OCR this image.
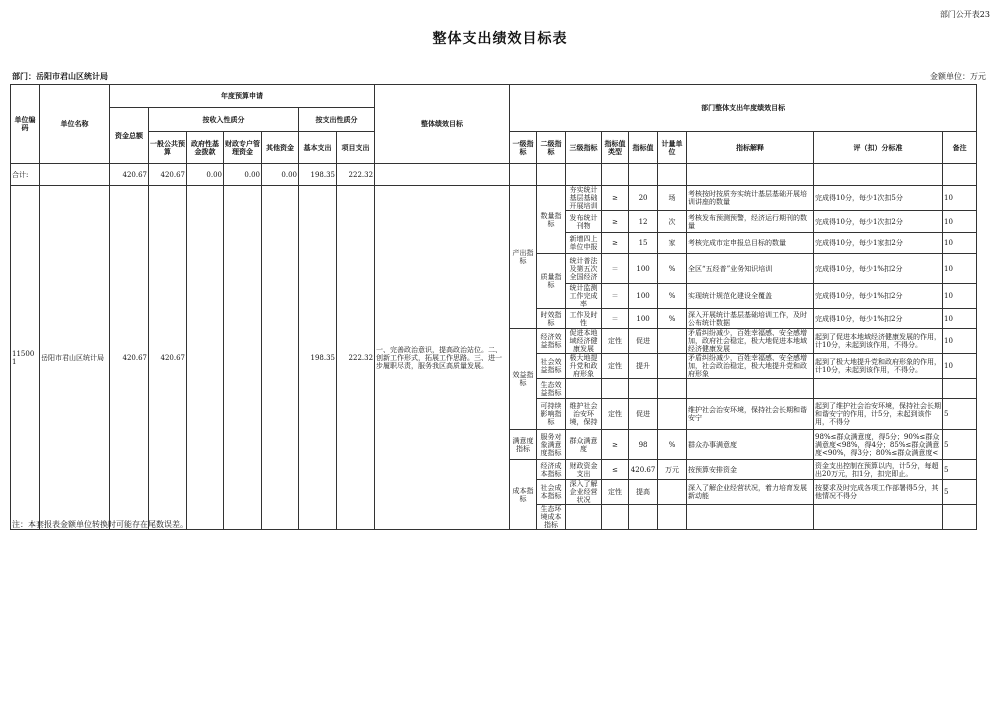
部门公开表23
整体支出绩效目标表
部门：岳阳市君山区统计局	金额单位：万元
单位编码	单位名称	年度预算申请							整体绩效目标	部门整体支出年度绩效目标								
		资金总额	按收入性质分				按支出性质分											
			一般公共预算	政府性基金拨款	财政专户管理资金	其他资金	基本支出	项目支出		一级指标	二级指标	三级指标	指标值类型	指标值	计量单位	指标解释	评（扣）分标准	备注
合计:		420.67	420.67	0.00	0.00	0.00	198.35	222.32										
115001	岳阳市君山区统计局	420.67	420.67				198.35	222.32	一、完善政治意识，提高政治站位。二、创新工作形式，拓展工作思路。三、进一步履职尽责，服务我区高质量发展。	产出指标	数量指标	夯实统计基层基础开展培训	≥	20	场	考核按时按质夯实统计基层基础开展培训讲座的数量	完成得10分，每少1次扣5分	10

												发布统计刊物	≥	12	次	考核发布预测预警，经济运行期刊的数量	完成得10分，每少1次扣2分	10

												新增四上单位申报	≥	15	家	考核完成市定申报总目标的数量	完成得10分，每少1家扣2分	10
											质量指标	统计普法及第五次全国经济	＝	100	%	全区“五经普”业务知识培训	完成得10分，每少1%扣2分	10

												统计监测工作完成率	＝	100	%	实现统计规范化建设全覆盖	完成得10分，每少1%扣2分	10
											时效指标	工作及时性	＝	100	%	深入开展统计基层基础培训工作，及时公布统计数据	完成得10分，每少1%扣2分	10
										效益指标	经济效益指标	促进本地域经济健康发展	定性	促进		矛盾纠纷减少，百姓幸福感、安全感增加，政府社会稳定，极大地促进本地域经济健康发展	起到了促进本地域经济健康发展的作用，计10分，未起到该作用，不得分。	10
											社会效益指标	极大地提升党和政府形象	定性	提升		矛盾纠纷减少，百姓幸福感、安全感增加，社会政治稳定，极大地提升党和政府形象	起到了极大地提升党和政府形象的作用，计10分，未起到该作用，不得分。	10
											生态效益指标							
											可持续影响指标	维护社会治安环境，保持	定性	促进		维护社会治安环境，保持社会长期和谐安宁	起到了维护社会治安环境，保持社会长期和谐安宁的作用，计5分，未起到该作用，不得分	5
										满意度指标	服务对象满意度指标	群众满意度	≥	98	%	群众办事满意度	98%≤群众满意度，得5分；90%≤群众满意度<98%，得4分；85%≤群众满意度<90%，得3分；80%≤群众满意度<	5
										成本指标	经济成本指标	财政资金支出	≤	420.67	万元	按预算安排资金	资金支出控制在预算以内，计5分，每超出20万元，扣1分，扣完即止。	5
											社会成本指标	深入了解企业经营状况	定性	提高		深入了解企业经营状况，着力培育发展新动能	按要求及时完成各项工作部署得5分，其他情况不得分	5
											生态环境成本指标							
注：本套报表金额单位转换时可能存在尾数误差。
